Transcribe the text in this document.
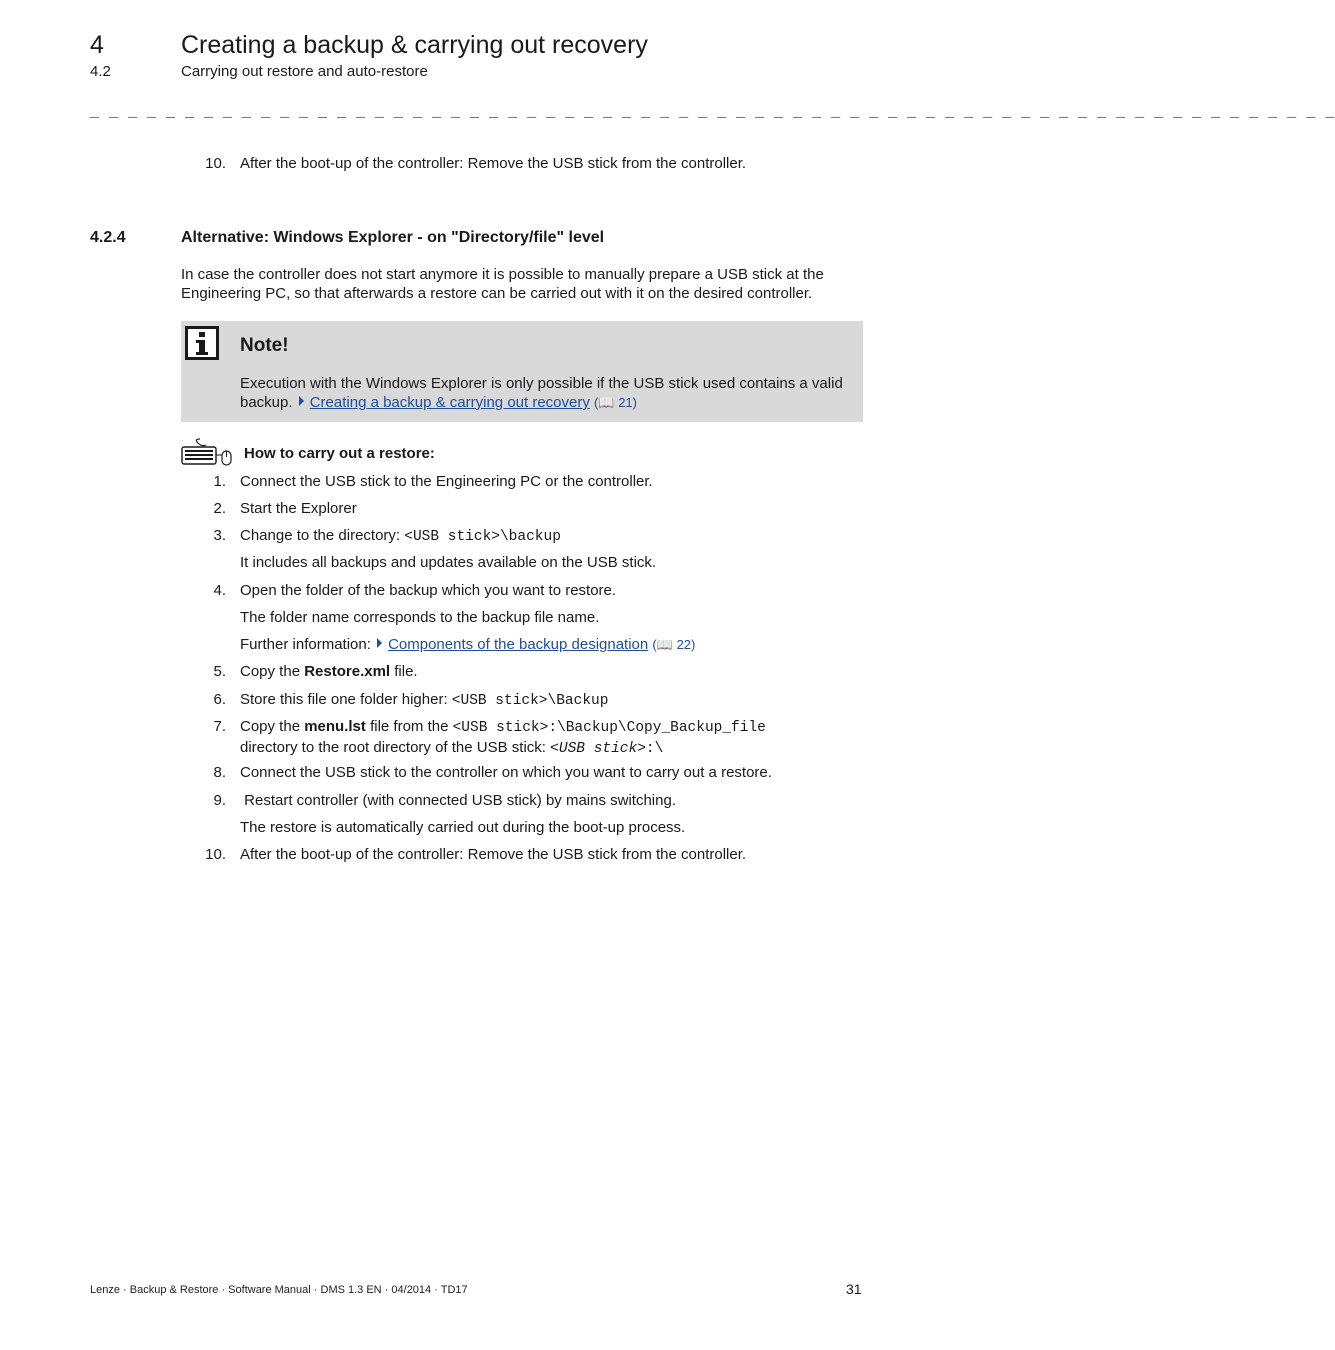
4	Creating a backup & carrying out recovery
4.2	Carrying out restore and auto-restore
_ _ _ _ _ _ _ _ _ _ _ _ _ _ _ _ _ _ _ _ _ _ _ _ _ _ _ _ _ _ _ _ _ _ _ _ _ _ _ _ _ _ _ _ _ _ _ _ _ _ _ _ _ _ _ _ _ _ _ _ _ _ _ _ _ _
10. After the boot-up of the controller: Remove the USB stick from the controller.
4.2.4	Alternative: Windows Explorer - on "Directory/file" level
In case the controller does not start anymore it is possible to manually prepare a USB stick at the Engineering PC, so that afterwards a restore can be carried out with it on the desired controller.
Note!
Execution with the Windows Explorer is only possible if the USB stick used contains a valid backup. Creating a backup & carrying out recovery (📖 21)
How to carry out a restore:
1. Connect the USB stick to the Engineering PC or the controller.
2. Start the Explorer
3. Change to the directory: <USB stick>\backup
It includes all backups and updates available on the USB stick.
4. Open the folder of the backup which you want to restore.
The folder name corresponds to the backup file name.
Further information: Components of the backup designation (📖 22)
5. Copy the Restore.xml file.
6. Store this file one folder higher: <USB stick>\Backup
7. Copy the menu.lst file from the <USB stick>:\Backup\Copy_Backup_file
directory to the root directory of the USB stick: <USB stick>:\
8. Connect the USB stick to the controller on which you want to carry out a restore.
9. Restart controller (with connected USB stick) by mains switching.
The restore is automatically carried out during the boot-up process.
10. After the boot-up of the controller: Remove the USB stick from the controller.
Lenze · Backup & Restore · Software Manual · DMS 1.3 EN · 04/2014 · TD17	31
